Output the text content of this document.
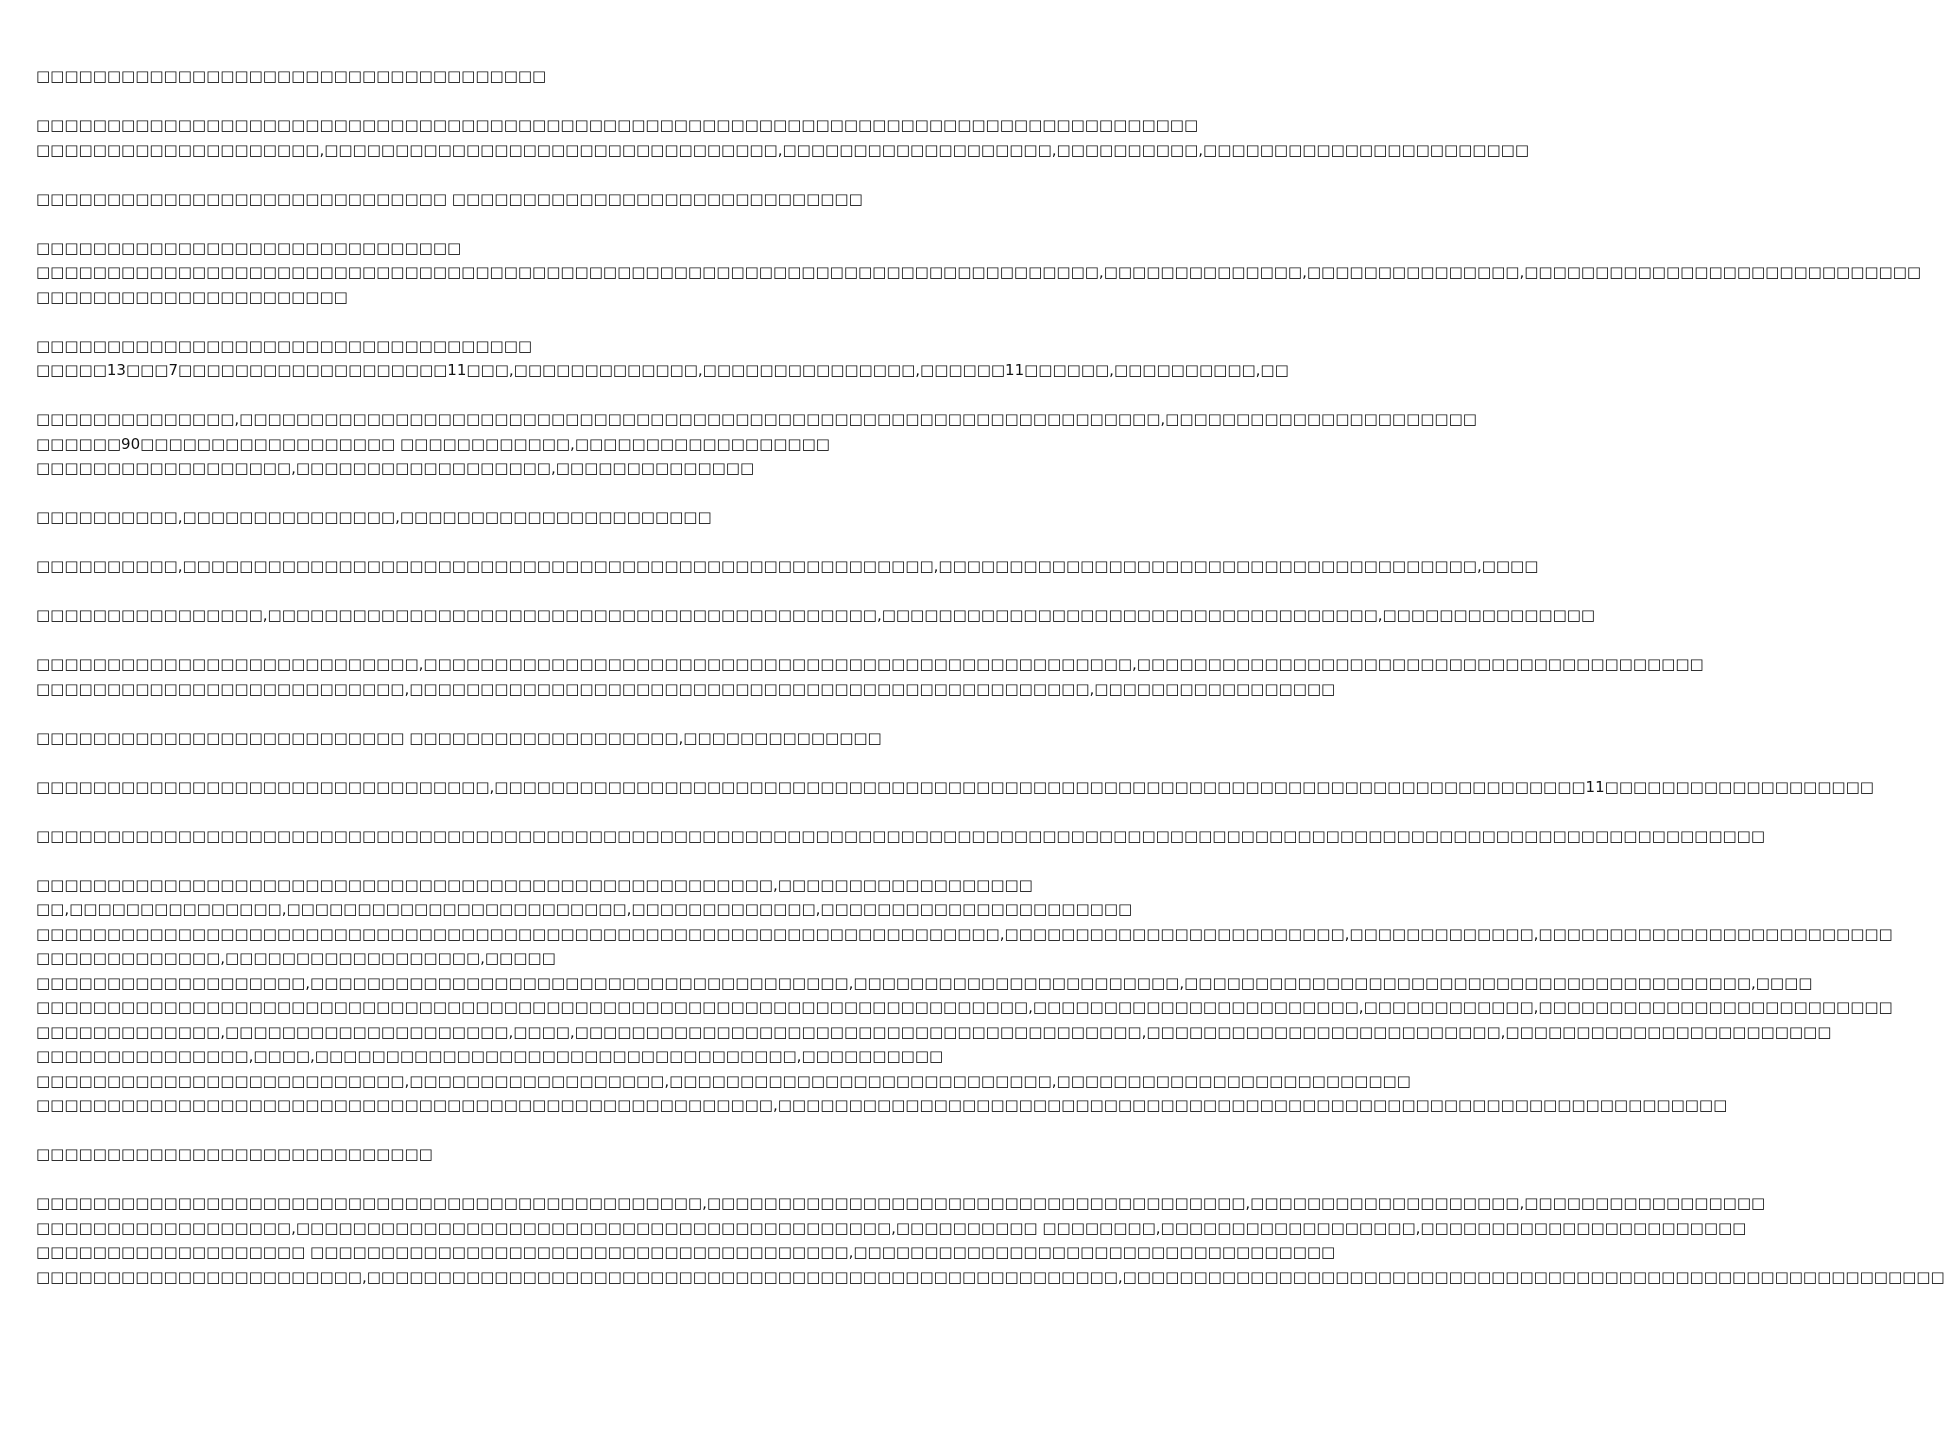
□□□□□□□□□□□□□□□□□□□□□□□□□□□□□□□□□□□□
□□□□□□□□□□□□□□□□□□□□□□□□□□□□□□□□□□□□□□□□□□□□□□□□□□□□□□□□□□□□□□□□□□□□□□□□□□□□□□□□□□
□□□□□□□□□□□□□□□□□□□□,□□□□□□□□□□□□□□□□□□□□□□□□□□□□□□□□,□□□□□□□□□□□□□□□□□□□,□□□□□□□□□□,□□□□□□□□□□□□□□□□□□□□□□□
□□□□□□□□□□□□□□□□□□□□□□□□□□□□□ □□□□□□□□□□□□□□□□□□□□□□□□□□□□□
□□□□□□□□□□□□□□□□□□□□□□□□□□□□□□
□□□□□□□□□□□□□□□□□□□□□□□□□□□□□□□□□□□□□□□□□□□□□□□□□□□□□□□□□□□□□□□□□□□□□□□□□□□,□□□□□□□□□□□□□□,□□□□□□□□□□□□□□□,□□□□□□□□□□□□□□□□□□□□□□□□□□□□
□□□□□□□□□□□□□□□□□□□□□□
□□□□□□□□□□□□□□□□□□□□□□□□□□□□□□□□□□□
□□□□□13□□□7□□□□□□□□□□□□□□□□□□□11□□□,□□□□□□□□□□□□□,□□□□□□□□□□□□□□□,□□□□□□11□□□□□□,□□□□□□□□□□,□□
□□□□□□□□□□□□□□,□□□□□□□□□□□□□□□□□□□□□□□□□□□□□□□□□□□□□□□□□□□□□□□□□□□□□□□□□□□□□□□□□,□□□□□□□□□□□□□□□□□□□□□□
□□□□□□90□□□□□□□□□□□□□□□□□□ □□□□□□□□□□□□,□□□□□□□□□□□□□□□□□□
□□□□□□□□□□□□□□□□□□,□□□□□□□□□□□□□□□□□□,□□□□□□□□□□□□□□
□□□□□□□□□□,□□□□□□□□□□□□□□□,□□□□□□□□□□□□□□□□□□□□□□
□□□□□□□□□□,□□□□□□□□□□□□□□□□□□□□□□□□□□□□□□□□□□□□□□□□□□□□□□□□□□□□□,□□□□□□□□□□□□□□□□□□□□□□□□□□□□□□□□□□□□□□,□□□□
□□□□□□□□□□□□□□□□,□□□□□□□□□□□□□□□□□□□□□□□□□□□□□□□□□□□□□□□□□□□,□□□□□□□□□□□□□□□□□□□□□□□□□□□□□□□□□□□,□□□□□□□□□□□□□□□
□□□□□□□□□□□□□□□□□□□□□□□□□□□,□□□□□□□□□□□□□□□□□□□□□□□□□□□□□□□□□□□□□□□□□□□□□□□□□□,□□□□□□□□□□□□□□□□□□□□□□□□□□□□□□□□□□□□□□□□
□□□□□□□□□□□□□□□□□□□□□□□□□□,□□□□□□□□□□□□□□□□□□□□□□□□□□□□□□□□□□□□□□□□□□□□□□□□,□□□□□□□□□□□□□□□□□
□□□□□□□□□□□□□□□□□□□□□□□□□□ □□□□□□□□□□□□□□□□□□□,□□□□□□□□□□□□□□
□□□□□□□□□□□□□□□□□□□□□□□□□□□□□□□□,□□□□□□□□□□□□□□□□□□□□□□□□□□□□□□□□□□□□□□□□□□□□□□□□□□□□□□□□□□□□□□□□□□□□□□□□□□□□□11□□□□□□□□□□□□□□□□□□□
□□□□□□□□□□□□□□□□□□□□□□□□□□□□□□□□□□□□□□□□□□□□□□□□□□□□□□□□□□□□□□□□□□□□□□□□□□□□□□□□□□□□□□□□□□□□□□□□□□□□□□□□□□□□□□□□□□□□□□□□□□
□□□□□□□□□□□□□□□□□□□□□□□□□□□□□□□□□□□□□□□□□□□□□□□□□□□□,□□□□□□□□□□□□□□□□□□
□□,□□□□□□□□□□□□□□□,□□□□□□□□□□□□□□□□□□□□□□□□,□□□□□□□□□□□□□,□□□□□□□□□□□□□□□□□□□□□□
□□□□□□□□□□□□□□□□□□□□□□□□□□□□□□□□□□□□□□□□□□□□□□□□□□□□□□□□□□□□□□□□□□□□,□□□□□□□□□□□□□□□□□□□□□□□□,□□□□□□□□□□□□□,□□□□□□□□□□□□□□□□□□□□□□□□□
□□□□□□□□□□□□□,□□□□□□□□□□□□□□□□□□,□□□□□
□□□□□□□□□□□□□□□□□□□,□□□□□□□□□□□□□□□□□□□□□□□□□□□□□□□□□□□□□□,□□□□□□□□□□□□□□□□□□□□□□□,□□□□□□□□□□□□□□□□□□□□□□□□□□□□□□□□□□□□□□□□,□□□□
□□□□□□□□□□□□□□□□□□□□□□□□□□□□□□□□□□□□□□□□□□□□□□□□□□□□□□□□□□□□□□□□□□□□□□,□□□□□□□□□□□□□□□□□□□□□□□,□□□□□□□□□□□□,□□□□□□□□□□□□□□□□□□□□□□□□□
□□□□□□□□□□□□□,□□□□□□□□□□□□□□□□□□□□,□□□□,□□□□□□□□□□□□□□□□□□□□□□□□□□□□□□□□□□□□□□□□,□□□□□□□□□□□□□□□□□□□□□□□□□,□□□□□□□□□□□□□□□□□□□□□□□
□□□□□□□□□□□□□□□,□□□□,□□□□□□□□□□□□□□□□□□□□□□□□□□□□□□□□□□,□□□□□□□□□□
□□□□□□□□□□□□□□□□□□□□□□□□□□,□□□□□□□□□□□□□□□□□□,□□□□□□□□□□□□□□□□□□□□□□□□□□□,□□□□□□□□□□□□□□□□□□□□□□□□□
□□□□□□□□□□□□□□□□□□□□□□□□□□□□□□□□□□□□□□□□□□□□□□□□□□□□,□□□□□□□□□□□□□□□□□□□□□□□□□□□□□□□□□□□□□□□□□□□□□□□□□□□□□□□□□□□□□□□□□□□
□□□□□□□□□□□□□□□□□□□□□□□□□□□□
□□□□□□□□□□□□□□□□□□□□□□□□□□□□□□□□□□□□□□□□□□□□□□□,□□□□□□□□□□□□□□□□□□□□□□□□□□□□□□□□□□□□□□,□□□□□□□□□□□□□□□□□□□,□□□□□□□□□□□□□□□□□
□□□□□□□□□□□□□□□□□□,□□□□□□□□□□□□□□□□□□□□□□□□□□□□□□□□□□□□□□□□□□,□□□□□□□□□□ □□□□□□□□,□□□□□□□□□□□□□□□□□□,□□□□□□□□□□□□□□□□□□□□□□□
□□□□□□□□□□□□□□□□□□□ □□□□□□□□□□□□□□□□□□□□□□□□□□□□□□□□□□□□□□,□□□□□□□□□□□□□□□□□□□□□□□□□□□□□□□□□□
□□□□□□□□□□□□□□□□□□□□□□□,□□□□□□□□□□□□□□□□□□□□□□□□□□□□□□□□□□□□□□□□□□□□□□□□□□□□□,□□□□□□□□□□□□□□□□□□□□□□□□□□□□□□□□□□□□□□□□□□□□□□□□□□□□□□□□□□
